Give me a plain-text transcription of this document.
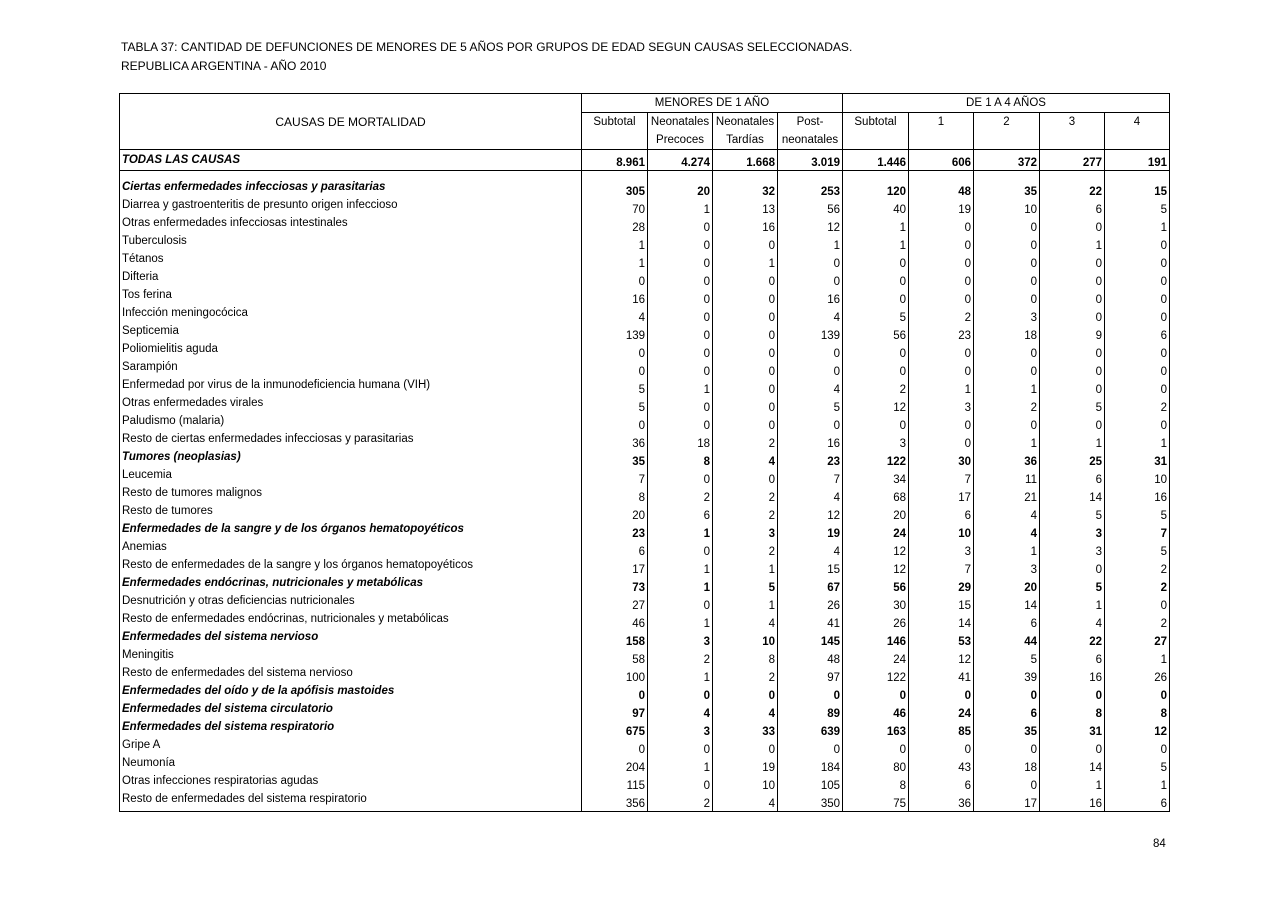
TABLA 37: CANTIDAD DE DEFUNCIONES DE MENORES DE 5 AÑOS POR GRUPOS DE EDAD SEGUN CAUSAS SELECCIONADAS.
REPUBLICA ARGENTINA - AÑO 2010
	MENORES DE 1 AÑO				DE 1 A 4 AÑOS				
CAUSAS DE MORTALIDAD	Subtotal	Neonatales	Neonatales	Post-	Subtotal	1	2	3	4
		Precoces	Tardías	neonatales					
TODAS LAS CAUSAS	8.961	4.274	1.668	3.019	1.446	606	372	277	191

Ciertas enfermedades infecciosas y parasitarias	305	20	32	253	120	48	35	22	15
Diarrea y gastroenteritis de presunto origen infeccioso	70	1	13	56	40	19	10	6	5
Otras enfermedades infecciosas intestinales	28	0	16	12	1	0	0	0	1
Tuberculosis	1	0	0	1	1	0	0	1	0
Tétanos	1	0	1	0	0	0	0	0	0
Difteria	0	0	0	0	0	0	0	0	0
Tos ferina	16	0	0	16	0	0	0	0	0
Infección meningocócica	4	0	0	4	5	2	3	0	0
Septicemia	139	0	0	139	56	23	18	9	6
Poliomielitis aguda	0	0	0	0	0	0	0	0	0
Sarampión	0	0	0	0	0	0	0	0	0
Enfermedad por virus de la inmunodeficiencia humana (VIH)	5	1	0	4	2	1	1	0	0
Otras enfermedades virales	5	0	0	5	12	3	2	5	2
Paludismo (malaria)	0	0	0	0	0	0	0	0	0
Resto de ciertas enfermedades infecciosas y parasitarias	36	18	2	16	3	0	1	1	1
Tumores (neoplasias)	35	8	4	23	122	30	36	25	31
Leucemia	7	0	0	7	34	7	11	6	10
Resto de tumores malignos	8	2	2	4	68	17	21	14	16
Resto de tumores	20	6	2	12	20	6	4	5	5
Enfermedades de la sangre y de los órganos hematopoyéticos	23	1	3	19	24	10	4	3	7
Anemias	6	0	2	4	12	3	1	3	5
Resto de enfermedades de la sangre y los órganos hematopoyéticos	17	1	1	15	12	7	3	0	2
Enfermedades endócrinas, nutricionales y metabólicas	73	1	5	67	56	29	20	5	2
Desnutrición y otras deficiencias nutricionales	27	0	1	26	30	15	14	1	0
Resto de enfermedades endócrinas, nutricionales y metabólicas	46	1	4	41	26	14	6	4	2
Enfermedades del sistema nervioso	158	3	10	145	146	53	44	22	27
Meningitis	58	2	8	48	24	12	5	6	1
Resto de enfermedades del sistema nervioso	100	1	2	97	122	41	39	16	26
Enfermedades del oído y de la apófisis mastoides	0	0	0	0	0	0	0	0	0
Enfermedades del sistema circulatorio	97	4	4	89	46	24	6	8	8
Enfermedades del sistema respiratorio	675	3	33	639	163	85	35	31	12
Gripe A	0	0	0	0	0	0	0	0	0
Neumonía	204	1	19	184	80	43	18	14	5
Otras infecciones respiratorias agudas	115	0	10	105	8	6	0	1	1
Resto de enfermedades del sistema respiratorio	356	2	4	350	75	36	17	16	6
84
